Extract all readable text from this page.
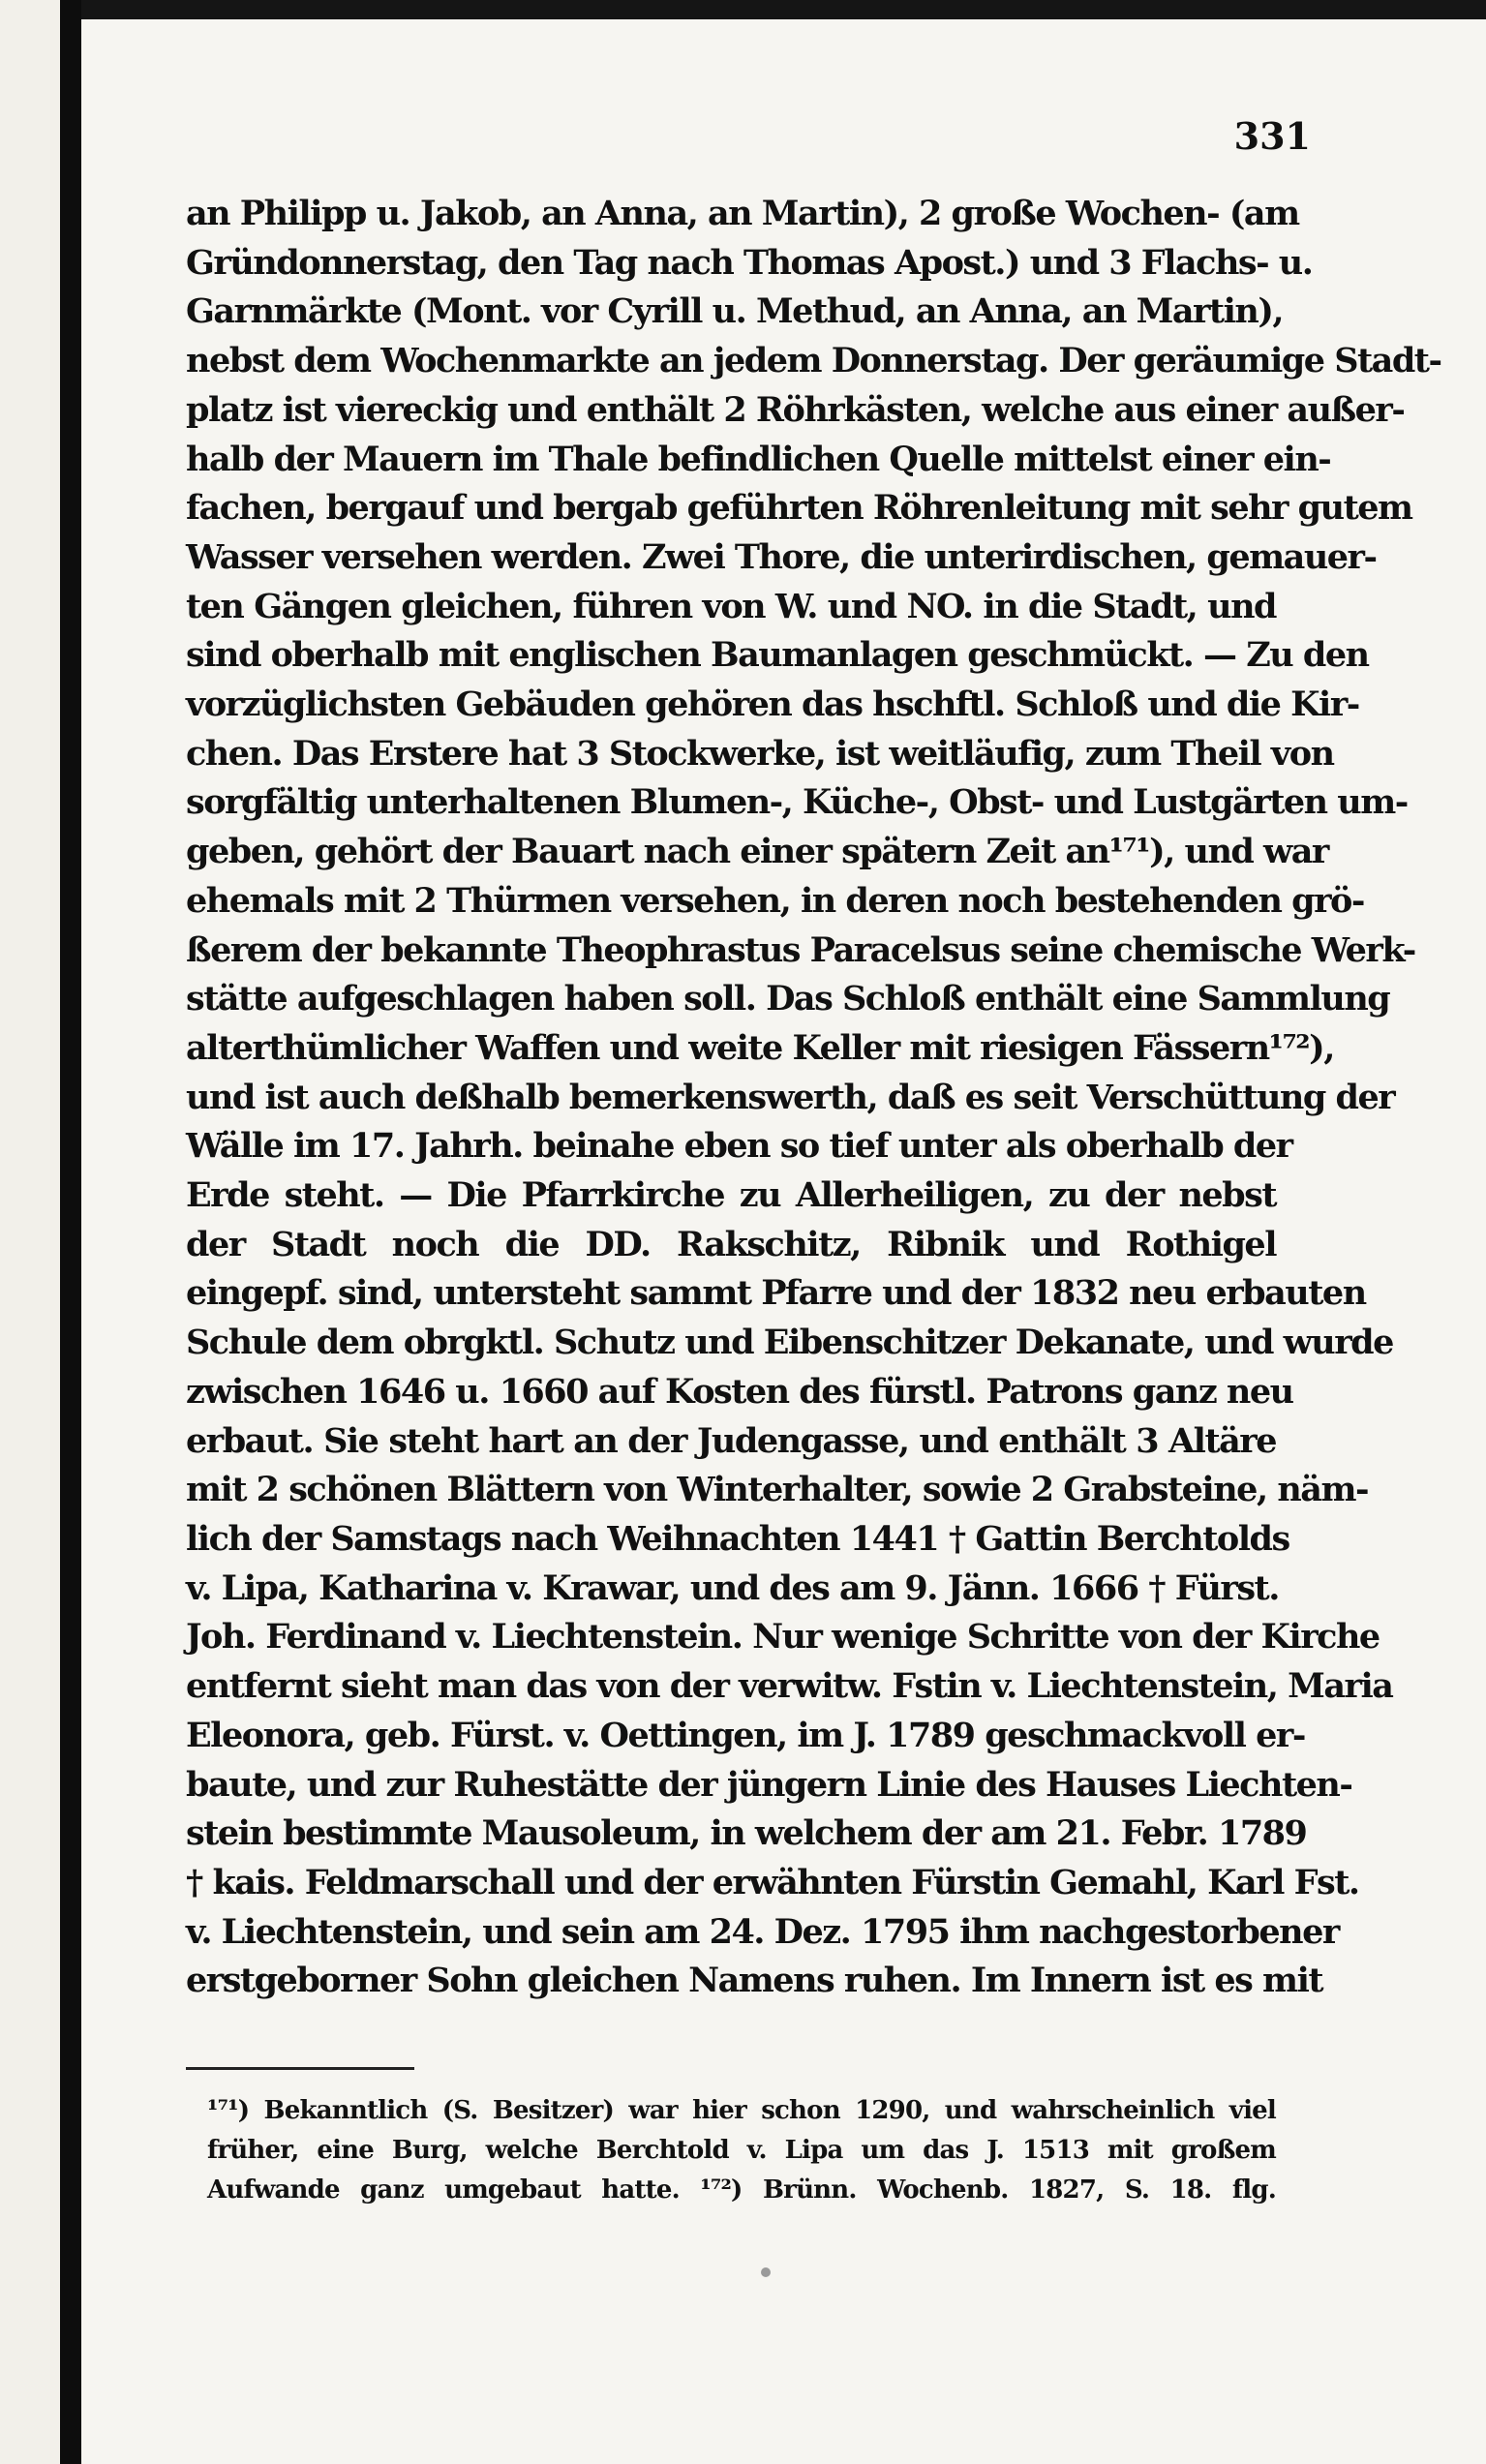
331
an Philipp u. Jakob, an Anna, an Martin), 2 große Wochen- (am
Gründonnerstag, den Tag nach Thomas Apost.) und 3 Flachs- u.
Garnmärkte (Mont. vor Cyrill u. Methud, an Anna, an Martin),
nebst dem Wochenmarkte an jedem Donnerstag. Der geräumige Stadt-
platz ist viereckig und enthält 2 Röhrkästen, welche aus einer außer-
halb der Mauern im Thale befindlichen Quelle mittelst einer ein-
fachen, bergauf und bergab geführten Röhrenleitung mit sehr gutem
Wasser versehen werden. Zwei Thore, die unterirdischen, gemauer-
ten Gängen gleichen, führen von W. und NO. in die Stadt, und
sind oberhalb mit englischen Baumanlagen geschmückt. — Zu den
vorzüglichsten Gebäuden gehören das hschftl. Schloß und die Kir-
chen. Das Erstere hat 3 Stockwerke, ist weitläufig, zum Theil von
sorgfältig unterhaltenen Blumen-, Küche-, Obst- und Lustgärten um-
geben, gehört der Bauart nach einer spätern Zeit an¹⁷¹), und war
ehemals mit 2 Thürmen versehen, in deren noch bestehenden grö-
ßerem der bekannte Theophrastus Paracelsus seine chemische Werk-
stätte aufgeschlagen haben soll. Das Schloß enthält eine Sammlung
alterthümlicher Waffen und weite Keller mit riesigen Fässern¹⁷²),
und ist auch deßhalb bemerkenswerth, daß es seit Verschüttung der
Wälle im 17. Jahrh. beinahe eben so tief unter als oberhalb der
Erde steht. — Die Pfarrkirche zu Allerheiligen, zu der nebst
der Stadt noch die DD. Rakschitz, Ribnik und Rothigel
eingepf. sind, untersteht sammt Pfarre und der 1832 neu erbauten
Schule dem obrgktl. Schutz und Eibenschitzer Dekanate, und wurde
zwischen 1646 u. 1660 auf Kosten des fürstl. Patrons ganz neu
erbaut. Sie steht hart an der Judengasse, und enthält 3 Altäre
mit 2 schönen Blättern von Winterhalter, sowie 2 Grabsteine, näm-
lich der Samstags nach Weihnachten 1441 † Gattin Berchtolds
v. Lipa, Katharina v. Krawar, und des am 9. Jänn. 1666 † Fürst.
Joh. Ferdinand v. Liechtenstein. Nur wenige Schritte von der Kirche
entfernt sieht man das von der verwitw. Fstin v. Liechtenstein, Maria
Eleonora, geb. Fürst. v. Oettingen, im J. 1789 geschmackvoll er-
baute, und zur Ruhestätte der jüngern Linie des Hauses Liechten-
stein bestimmte Mausoleum, in welchem der am 21. Febr. 1789
† kais. Feldmarschall und der erwähnten Fürstin Gemahl, Karl Fst.
v. Liechtenstein, und sein am 24. Dez. 1795 ihm nachgestorbener
erstgeborner Sohn gleichen Namens ruhen. Im Innern ist es mit
¹⁷¹) Bekanntlich (S. Besitzer) war hier schon 1290, und wahrscheinlich viel
früher, eine Burg, welche Berchtold v. Lipa um das J. 1513 mit großem
Aufwande ganz umgebaut hatte. ¹⁷²) Brünn. Wochenb. 1827, S. 18. flg.
